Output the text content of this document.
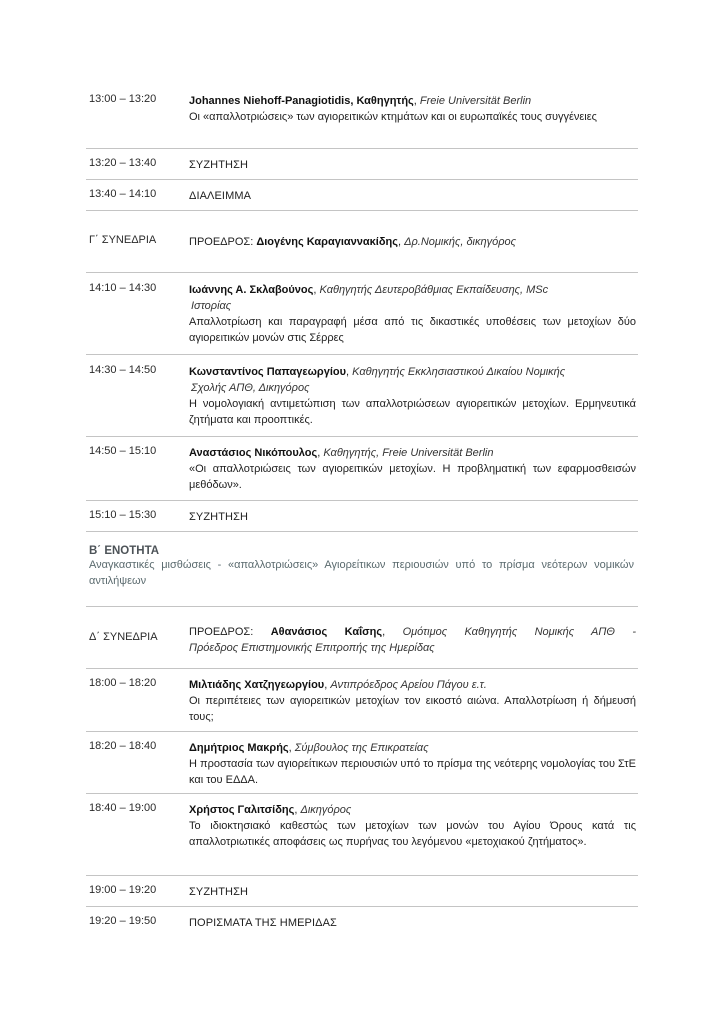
13:00 – 13:20	Johannes Niehoff-Panagiotidis, Καθηγητής, Freie Universität Berlin

Οι «απαλλοτριώσεις» των αγιορειτικών κτημάτων και οι ευρωπαϊκές τους συγγένειες

13:20 – 13:40	ΣΥΖΗΤΗΣΗ
13:40 – 14:10	ΔΙΑΛΕΙΜΜΑ
Γ΄ ΣΥΝΕΔΡΙΑ	ΠΡΟΕΔΡΟΣ: Διογένης Καραγιαννακίδης, Δρ.Νομικής, δικηγόρος

14:10 – 14:30	Ιωάννης Α. Σκλαβούνος, Καθηγητής Δευτεροβάθμιας Εκπαίδευσης, MSc

Ιστορίας

Απαλλοτρίωση και παραγραφή μέσα από τις δικαστικές υποθέσεις των μετοχίων δύο αγιορειτικών μονών στις Σέρρες

14:30 – 14:50	Κωνσταντίνος Παπαγεωργίου, Καθηγητής Εκκλησιαστικού Δικαίου Νομικής

Σχολής ΑΠΘ, Δικηγόρος

Η νομολογιακή αντιμετώπιση των απαλλοτριώσεων αγιορειτικών μετοχίων. Ερμηνευτικά ζητήματα και προοπτικές.

14:50 – 15:10	Αναστάσιος Νικόπουλος, Καθηγητής, Freie Universität Berlin

«Οι απαλλοτριώσεις των αγιορειτικών μετοχίων. Η προβληματική των εφαρμοσθεισών μεθόδων».

15:10 – 15:30	ΣΥΖΗΤΗΣΗ
Β΄ ΕΝΟΤΗΤΑ
Αναγκαστικές μισθώσεις - «απαλλοτριώσεις» Αγιορείτικων περιουσιών υπό το πρίσμα νεότερων νομικών αντιλήψεων
Δ΄ ΣΥΝΕΔΡΙΑ	ΠΡΟΕΔΡΟΣ: Αθανάσιος Καΐσης, Ομότιμος Καθηγητής Νομικής ΑΠΘ -

Πρόεδρος Επιστημονικής Επιτροπής της Ημερίδας

18:00 – 18:20	Μιλτιάδης Χατζηγεωργίου, Αντιπρόεδρος Αρείου Πάγου ε.τ.

Οι περιπέτειες των αγιορειτικών μετοχίων τον εικοστό αιώνα. Απαλλοτρίωση ή δήμευσή τους;

18:20 – 18:40	Δημήτριος Μακρής, Σύμβουλος της Επικρατείας

Η προστασία των αγιορείτικων περιουσιών υπό το πρίσμα της νεότερης νομολογίας του ΣτΕ και του ΕΔΔΑ.

18:40 – 19:00	Χρήστος Γαλιτσίδης, Δικηγόρος

Το ιδιοκτησιακό καθεστώς των μετοχίων των μονών του Αγίου Όρους κατά τις απαλλοτριωτικές αποφάσεις ως πυρήνας του λεγόμενου «μετοχιακού ζητήματος».

19:00 – 19:20	ΣΥΖΗΤΗΣΗ
19:20 – 19:50	ΠΟΡΙΣΜΑΤΑ ΤΗΣ ΗΜΕΡΙΔΑΣ
